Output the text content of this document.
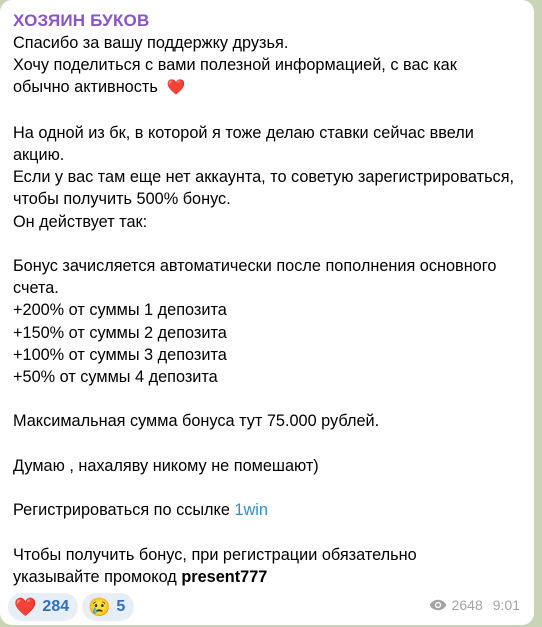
ХОЗЯИН БУКОВ
Спасибо за вашу поддержку друзья.
Хочу поделиться с вами полезной информацией, с вас как
обычно активность ❤️
На одной из бк, в которой я тоже делаю ставки сейчас ввели
акцию.
Если у вас там еще нет аккаунта, то советую зарегистрироваться,
чтобы получить 500% бонус.
Он действует так:
Бонус зачисляется автоматически после пополнения основного
счета.
+200% от суммы 1 депозита
+150% от суммы 2 депозита
+100% от суммы 3 депозита
+50% от суммы 4 депозита
Максимальная сумма бонуса тут 75.000 рублей.
Думаю , нахаляву никому не помешают)
Регистрироваться по ссылке 1win
Чтобы получить бонус, при регистрации обязательно
указывайте промокод present777
❤️ 284 😢 5	2648 9:01
